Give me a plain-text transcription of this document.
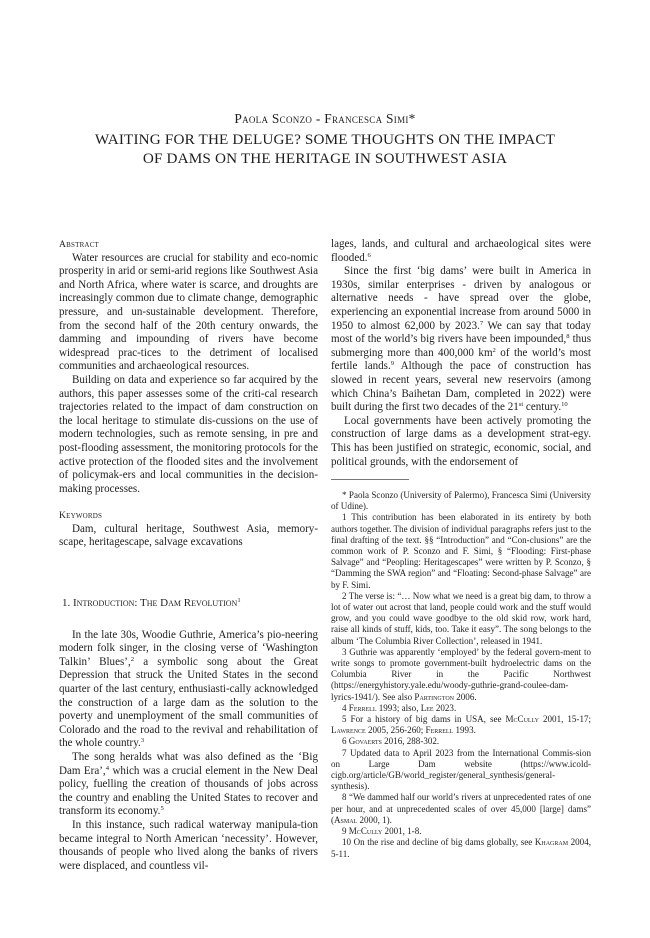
Paola Sconzo - Francesca Simi*
WAITING FOR THE DELUGE? SOME THOUGHTS ON THE IMPACT
OF DAMS ON THE HERITAGE IN SOUTHWEST ASIA

Abstract

Water resources are crucial for stability and eco-nomic prosperity in arid or semi-arid regions like Southwest Asia and North Africa, where water is scarce, and droughts are increasingly common due to climate change, demographic pressure, and un-sustainable development. Therefore, from the second half of the 20th century onwards, the damming and impounding of rivers have become widespread prac-tices to the detriment of localised communities and archaeological resources.

Building on data and experience so far acquired by the authors, this paper assesses some of the criti-cal research trajectories related to the impact of dam construction on the local heritage to stimulate dis-cussions on the use of modern technologies, such as remote sensing, in pre and post-flooding assessment, the monitoring protocols for the active protection of the flooded sites and the involvement of policymak-ers and local communities in the decision-making processes.

Keywords

Dam, cultural heritage, Southwest Asia, memory-scape, heritagescape, salvage excavations

1. Introduction: The Dam Revolution$^1$

In the late 30s, Woodie Guthrie, America’s pio-neering modern folk singer, in the closing verse of ‘Washington Talkin’ Blues’,$^2$ a symbolic song about the Great Depression that struck the United States in the second quarter of the last century, enthusiasti-cally acknowledged the construction of a large dam as the solution to the poverty and unemployment of the small communities of Colorado and the road to the revival and rehabilitation of the whole country.$^3$

The song heralds what was also defined as the ‘Big Dam Era’,$^4$ which was a crucial element in the New Deal policy, fuelling the creation of thousands of jobs across the country and enabling the United States to recover and transform its economy.$^5$

In this instance, such radical waterway manipula-tion became integral to North American ‘necessity’. However, thousands of people who lived along the banks of rivers were displaced, and countless vil-

lages, lands, and cultural and archaeological sites were flooded.$^6$

Since the first ‘big dams’ were built in America in 1930s, similar enterprises - driven by analogous or alternative needs - have spread over the globe, experiencing an exponential increase from around 5000 in 1950 to almost 62,000 by 2023.$^7$ We can say that today most of the world’s big rivers have been impounded,$^8$ thus submerging more than 400,000 $km^2$ of the world’s most fertile lands.$^9$ Although the pace of construction has slowed in recent years, several new reservoirs (among which China’s Baihetan Dam, completed in 2022) were built during the first two decades of the 21st century.$^{10}$

Local governments have been actively promoting the construction of large dams as a development strat-egy. This has been justified on strategic, economic, social, and political grounds, with the endorsement of

* Paola Sconzo (University of Palermo), Francesca Simi (University of Udine).

1 This contribution has been elaborated in its entirety by both authors together. The division of individual paragraphs refers just to the final drafting of the text. §§ “Introduction” and “Con-clusions” are the common work of P. Sconzo and F. Simi, § “Flooding: First-phase Salvage” and “Peopling: Heritagescapes” were written by P. Sconzo, § “Damming the SWA region” and “Floating: Second-phase Salvage” are by F. Simi.

2 The verse is: “… Now what we need is a great big dam, to throw a lot of water out acrost that land, people could work and the stuff would grow, and you could wave goodbye to the old skid row, work hard, raise all kinds of stuff, kids, too. Take it easy”. The song belongs to the album ‘The Columbia River Collection’, released in 1941.

3 Guthrie was apparently ‘employed’ by the federal govern-ment to write songs to promote government-built hydroelectric dams on the Columbia River in the Pacific Northwest (https://energyhistory.yale.edu/woody-guthrie-grand-coulee-dam-lyrics-1941/). See also Partington 2006.

4 Ferrell 1993; also, Lee 2023.

5 For a history of big dams in USA, see McCully 2001, 15-17; Lawrence 2005, 256-260; Ferrell 1993.

6 Govaerts 2016, 288-302.

7 Updated data to April 2023 from the International Commis-sion on Large Dam website (https://www.icold-cigb.org/article/GB/world_register/general_synthesis/general-synthesis).

8 “We dammed half our world’s rivers at unprecedented rates of one per hour, and at unprecedented scales of over 45,000 [large] dams” (Asmal 2000, 1).

9 McCully 2001, 1-8.

10 On the rise and decline of big dams globally, see Khagram 2004, 5-11.
